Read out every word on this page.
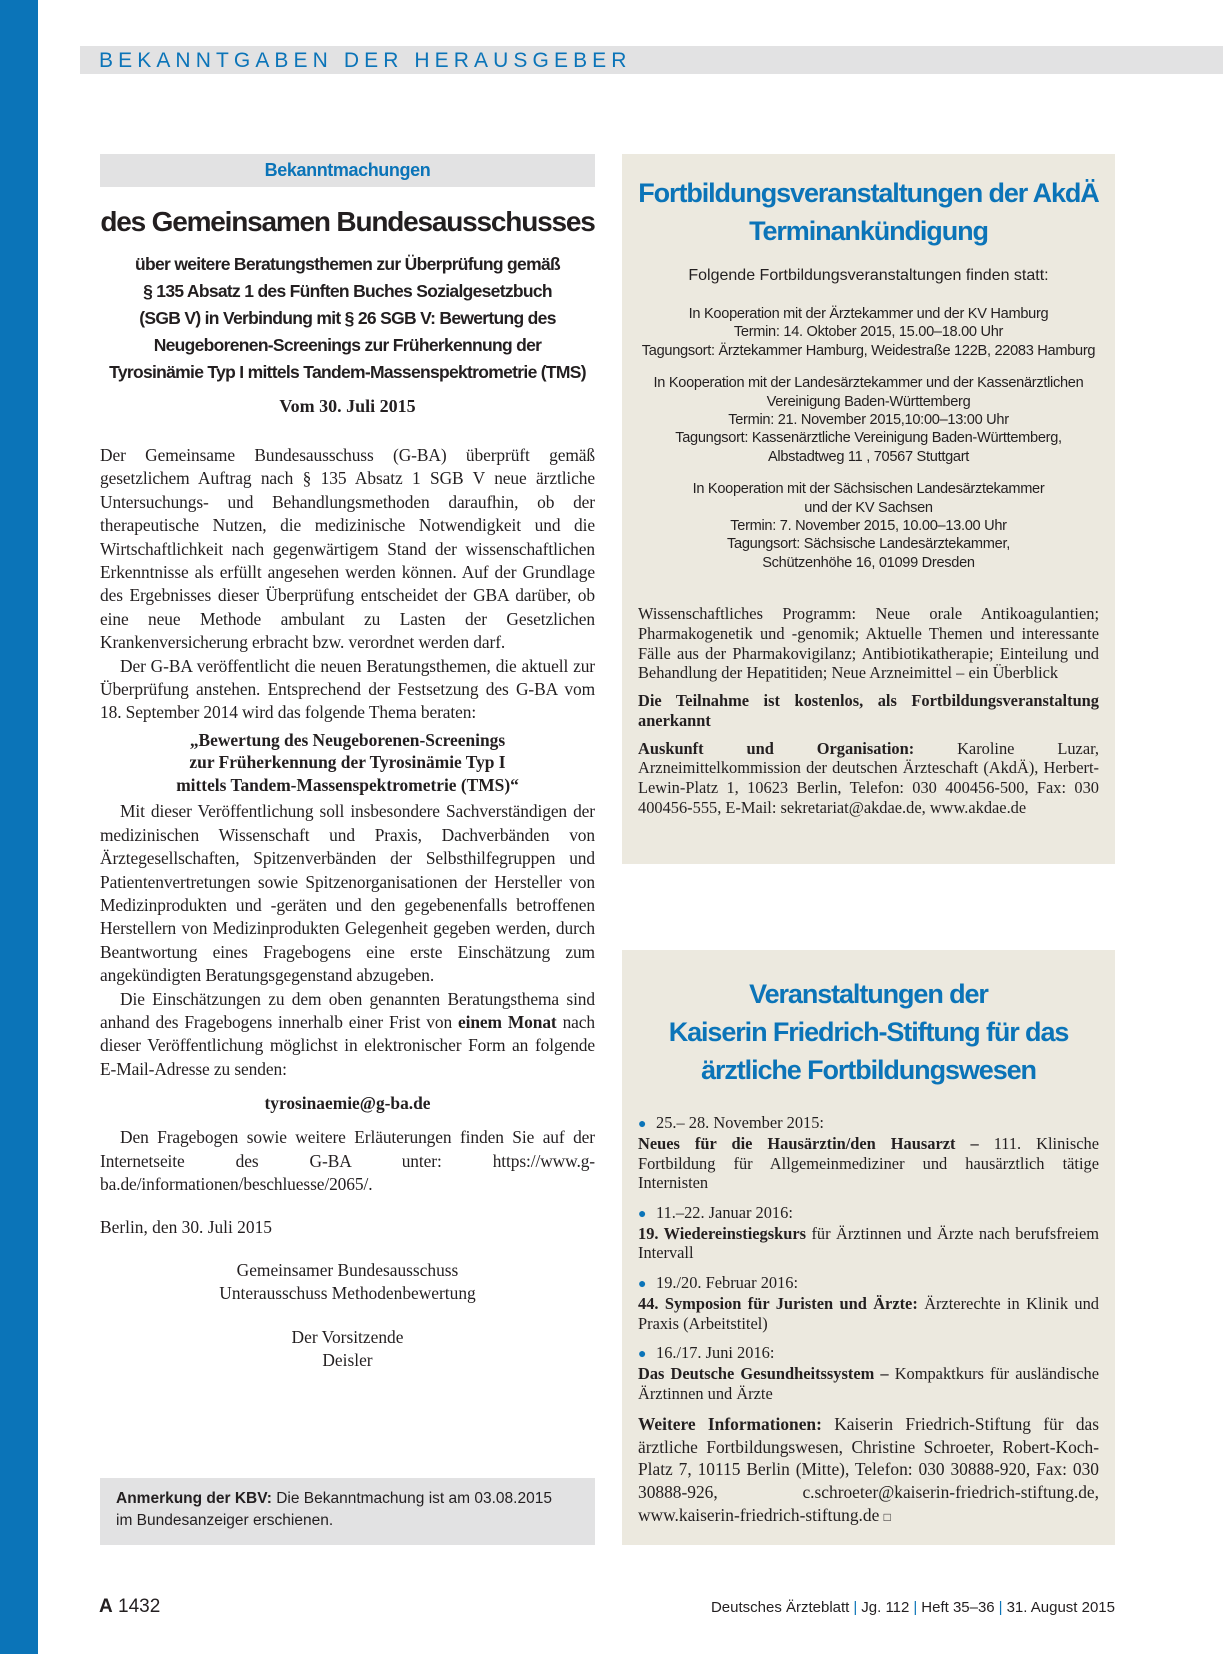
BEKANNTGABEN DER HERAUSGEBER
Bekanntmachungen
des Gemeinsamen Bundesausschusses
über weitere Beratungsthemen zur Überprüfung gemäß
§ 135 Absatz 1 des Fünften Buches Sozialgesetzbuch
(SGB V) in Verbindung mit § 26 SGB V: Bewertung des
Neugeborenen-Screenings zur Früherkennung der
Tyrosinämie Typ I mittels Tandem-Massenspektrometrie (TMS)

Vom 30. Juli 2015

Der Gemeinsame Bundesausschuss (G-BA) überprüft gemäß gesetzlichem Auftrag nach § 135 Absatz 1 SGB V neue ärztliche Untersuchungs- und Behandlungsmethoden daraufhin, ob der therapeutische Nutzen, die medizinische Notwendigkeit und die Wirtschaftlichkeit nach gegenwärtigem Stand der wissenschaftlichen Erkenntnisse als erfüllt angesehen werden können. Auf der Grundlage des Ergebnisses dieser Überprüfung entscheidet der GBA darüber, ob eine neue Methode ambulant zu Lasten der Gesetzlichen Krankenversicherung erbracht bzw. verordnet werden darf.

Der G-BA veröffentlicht die neuen Beratungsthemen, die aktuell zur Überprüfung anstehen. Entsprechend der Festsetzung des G-BA vom 18. September 2014 wird das folgende Thema beraten:

„Bewertung des Neugeborenen-Screenings
zur Früherkennung der Tyrosinämie Typ I
mittels Tandem-Massenspektrometrie (TMS)“

Mit dieser Veröffentlichung soll insbesondere Sachverständigen der medizinischen Wissenschaft und Praxis, Dachverbänden von Ärztegesellschaften, Spitzenverbänden der Selbsthilfegruppen und Patientenvertretungen sowie Spitzenorganisationen der Hersteller von Medizinprodukten und -geräten und den gegebenenfalls betroffenen Herstellern von Medizinprodukten Gelegenheit gegeben werden, durch Beantwortung eines Fragebogens eine erste Einschätzung zum angekündigten Beratungsgegenstand abzugeben.

Die Einschätzungen zu dem oben genannten Beratungsthema sind anhand des Fragebogens innerhalb einer Frist von einem Monat nach dieser Veröffentlichung möglichst in elektronischer Form an folgende E-Mail-Adresse zu senden:

tyrosinaemie@g-ba.de

Den Fragebogen sowie weitere Erläuterungen finden Sie auf der Internetseite des G-BA unter: https://www.g-ba.de/informationen/beschluesse/2065/.

Berlin, den 30. Juli 2015

Gemeinsamer Bundesausschuss
Unterausschuss Methodenbewertung
Der Vorsitzende
Deisler
Anmerkung der KBV: Die Bekanntmachung ist am 03.08.2015
im Bundesanzeiger erschienen.
Fortbildungsveranstaltungen der AkdÄ
Terminankündigung

Folgende Fortbildungsveranstaltungen finden statt:

In Kooperation mit der Ärztekammer und der KV Hamburg
Termin: 14. Oktober 2015, 15.00–18.00 Uhr
Tagungsort: Ärztekammer Hamburg, Weidestraße 122B, 22083 Hamburg
In Kooperation mit der Landesärztekammer und der Kassenärztlichen
Vereinigung Baden-Württemberg
Termin: 21. November 2015,10:00–13:00 Uhr
Tagungsort: Kassenärztliche Vereinigung Baden-Württemberg,
Albstadtweg 11 , 70567 Stuttgart
In Kooperation mit der Sächsischen Landesärztekammer
und der KV Sachsen
Termin: 7. November 2015, 10.00–13.00 Uhr
Tagungsort: Sächsische Landesärztekammer,
Schützenhöhe 16, 01099 Dresden

Wissenschaftliches Programm: Neue orale Antikoagulantien; Pharmakogenetik und -genomik; Aktuelle Themen und interessante Fälle aus der Pharmakovigilanz; Antibiotikatherapie; Einteilung und Behandlung der Hepatitiden; Neue Arzneimittel – ein Überblick

Die Teilnahme ist kostenlos, als Fortbildungsveranstaltung anerkannt

Auskunft und Organisation:	Karoline Luzar, Arzneimittelkommission der deutschen Ärzteschaft (AkdÄ), Herbert-Lewin-Platz 1, 10623 Berlin, Telefon: 030 400456-500, Fax: 030 400456-555, E-Mail: sekretariat@akdae.de, www.akdae.de

Veranstaltungen der
Kaiserin Friedrich-Stiftung für das
ärztliche Fortbildungswesen
● 25.– 28. November 2015:
Neues für die Hausärztin/den Hausarzt – 111. Klinische Fortbildung für Allgemeinmediziner und hausärztlich tätige Internisten
● 11.–22. Januar 2016:
19. Wiedereinstiegskurs für Ärztinnen und Ärzte nach berufsfreiem Intervall
● 19./20. Februar 2016:
44. Symposion für Juristen und Ärzte: Ärzterechte in Klinik und Praxis (Arbeitstitel)
● 16./17. Juni 2016:
Das Deutsche Gesundheitssystem – Kompaktkurs für ausländische Ärztinnen und Ärzte

Weitere Informationen: Kaiserin Friedrich-Stiftung für das ärztliche Fortbildungswesen, Christine Schroeter, Robert-Koch-Platz 7, 10115 Berlin (Mitte), Telefon: 030 30888-920, Fax: 030 30888-926, c.schroeter@kaiserin-friedrich-stiftung.de, www.kaiserin-friedrich-stiftung.de □

A 1432	Deutsches Ärzteblatt | Jg. 112 | Heft 35–36 | 31. August 2015
